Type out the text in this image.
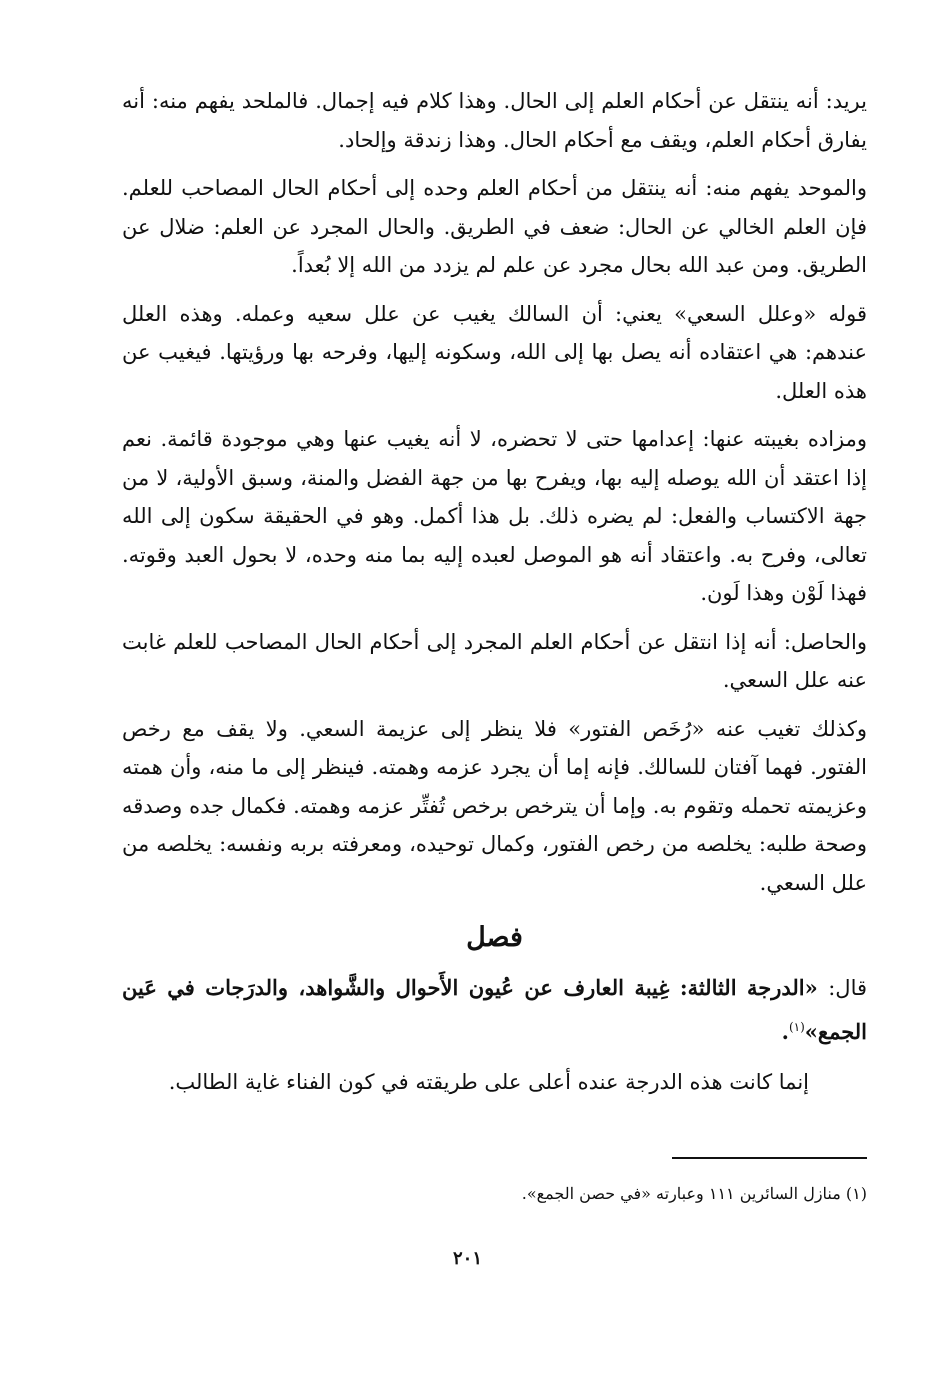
يريد: أنه ينتقل عن أحكام العلم إلى الحال. وهذا كلام فيه إجمال. فالملحد يفهم منه: أنه يفارق أحكام العلم، ويقف مع أحكام الحال. وهذا زندقة وإلحاد.

والموحد يفهم منه: أنه ينتقل من أحكام العلم وحده إلى أحكام الحال المصاحب للعلم. فإن العلم الخالي عن الحال: ضعف في الطريق. والحال المجرد عن العلم: ضلال عن الطريق. ومن عبد الله بحال مجرد عن علم لم يزدد من الله إلا بُعداً.

قوله «وعلل السعي» يعني: أن السالك يغيب عن علل سعيه وعمله. وهذه العلل عندهم: هي اعتقاده أنه يصل بها إلى الله، وسكونه إليها، وفرحه بها ورؤيتها. فيغيب عن هذه العلل.

ومزاده بغيبته عنها: إعدامها حتى لا تحضره، لا أنه يغيب عنها وهي موجودة قائمة. نعم إذا اعتقد أن الله يوصله إليه بها، ويفرح بها من جهة الفضل والمنة، وسبق الأولية، لا من جهة الاكتساب والفعل: لم يضره ذلك. بل هذا أكمل. وهو في الحقيقة سكون إلى الله تعالى، وفرح به. واعتقاد أنه هو الموصل لعبده إليه بما منه وحده، لا بحول العبد وقوته. فهذا لَوْن وهذا لَون.

والحاصل: أنه إذا انتقل عن أحكام العلم المجرد إلى أحكام الحال المصاحب للعلم غابت عنه علل السعي.

وكذلك تغيب عنه «رُخَص الفتور» فلا ينظر إلى عزيمة السعي. ولا يقف مع رخص الفتور. فهما آفتان للسالك. فإنه إما أن يجرد عزمه وهمته. فينظر إلى ما منه، وأن همته وعزيمته تحمله وتقوم به. وإما أن يترخص برخص تُفتِّر عزمه وهمته. فكمال جده وصدقه وصحة طلبه: يخلصه من رخص الفتور، وكمال توحيده، ومعرفته بربه ونفسه: يخلصه من علل السعي.

فصل

قال: «الدرجة الثالثة: غِيبة العارف عن عُيون الأَحوال والشَّواهد، والدرَجات في عَين الجمع»$^{(١)}$.

إنما كانت هذه الدرجة عنده أعلى على طريقته في كون الفناء غاية الطالب.

(١) منازل السائرين ١١١ وعبارته «في حصن الجمع».
٢٠١
